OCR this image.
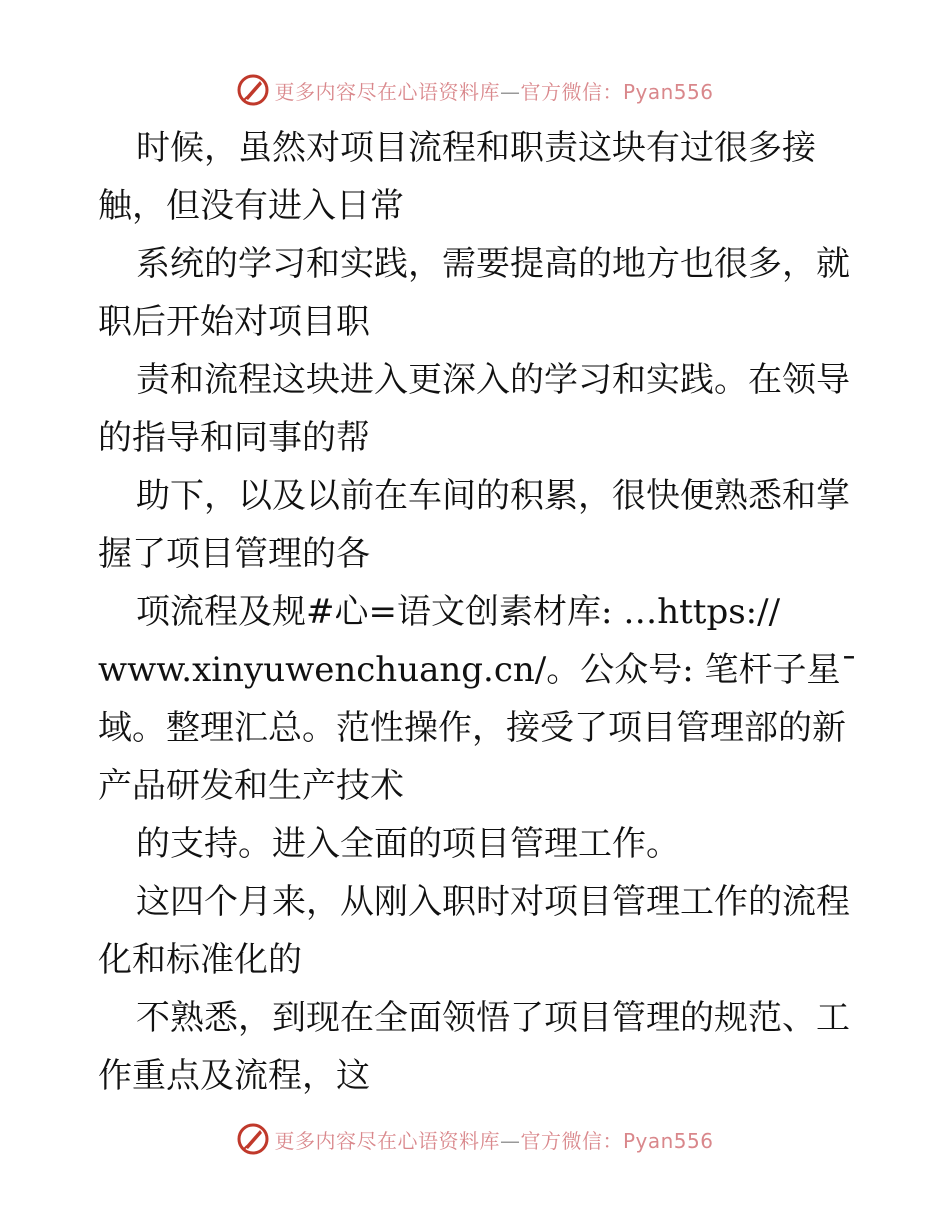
更多内容尽在心语资料库—官方微信：Pyan556
时候，虽然对项目流程和职责这块有过很多接
触，但没有进入日常
系统的学习和实践，需要提高的地方也很多，就
职后开始对项目职
责和流程这块进入更深入的学习和实践。在领导
的指导和同事的帮
助下，以及以前在车间的积累，很快便熟悉和掌
握了项目管理的各
项流程及规#心=语文创素材库: …https://
www.xinyuwenchuang.cn/。公众号: 笔杆子星¯
域。整理汇总。范性操作，接受了项目管理部的新
产品研发和生产技术
的支持。进入全面的项目管理工作。
这四个月来，从刚入职时对项目管理工作的流程
化和标准化的
不熟悉，到现在全面领悟了项目管理的规范、工
作重点及流程，这
更多内容尽在心语资料库—官方微信：Pyan556
